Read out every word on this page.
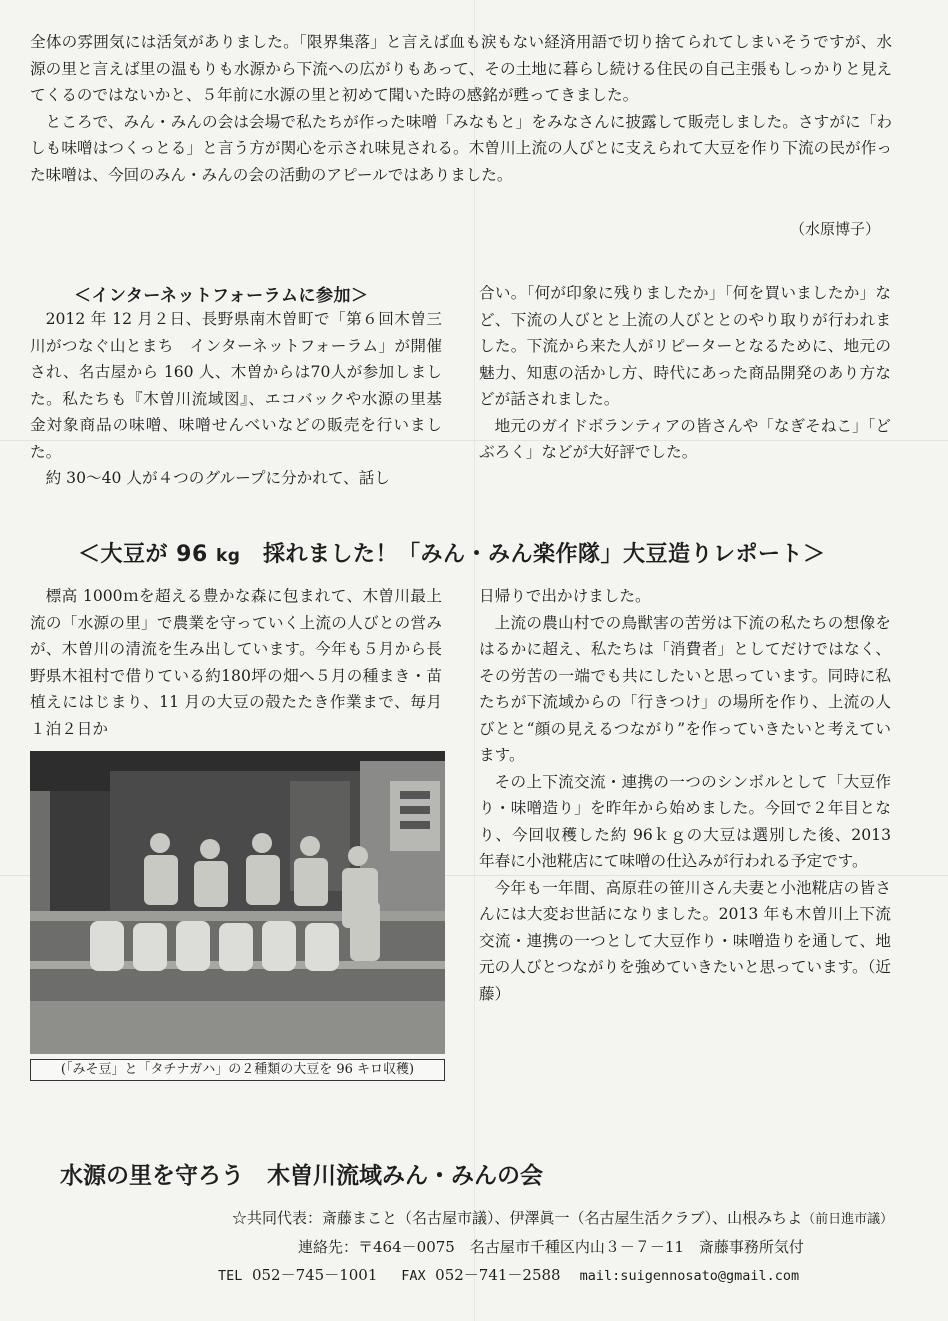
全体の雰囲気には活気がありました。「限界集落」と言えば血も涙もない経済用語で切り捨てられてしまいそうですが、水源の里と言えば里の温もりも水源から下流への広がりもあって、その土地に暮らし続ける住民の自己主張もしっかりと見えてくるのではないかと、５年前に水源の里と初めて聞いた時の感銘が甦ってきました。

ところで、みん・みんの会は会場で私たちが作った味噌「みなもと」をみなさんに披露して販売しました。さすがに「わしも味噌はつくっとる」と言う方が関心を示され味見される。木曽川上流の人びとに支えられて大豆を作り下流の民が作った味噌は、今回のみん・みんの会の活動のアピールではありました。

（水原博子）
＜インターネットフォーラムに参加＞

2012 年 12 月２日、長野県南木曽町で「第６回木曽三川がつなぐ山とまち　インターネットフォーラム」が開催され、名古屋から 160 人、木曽からは70人が参加しました。私たちも『木曽川流域図』、エコバックや水源の里基金対象商品の味噌、味噌せんべいなどの販売を行いました。

約 30～40 人が４つのグループに分かれて、話し

合い。「何が印象に残りましたか」「何を買いましたか」など、下流の人びとと上流の人びととのやり取りが行われました。下流から来た人がリピーターとなるために、地元の魅力、知恵の活かし方、時代にあった商品開発のあり方などが話されました。

地元のガイドボランティアの皆さんや「なぎそねこ」「どぶろく」などが大好評でした。

＜大豆が 96 kg　採れました！「みん・みん楽作隊」大豆造りレポート＞

標高 1000ｍを超える豊かな森に包まれて、木曽川最上流の「水源の里」で農業を守っていく上流の人びとの営みが、木曽川の清流を生み出しています。今年も５月から長野県木祖村で借りている約180坪の畑へ５月の種まき・苗植えにはじまり、11 月の大豆の殻たたき作業まで、毎月１泊２日か

(「みそ豆」と「タチナガハ」の２種類の大豆を 96 キロ収穫)

日帰りで出かけました。

上流の農山村での鳥獣害の苦労は下流の私たちの想像をはるかに超え、私たちは「消費者」としてだけではなく、その労苦の一端でも共にしたいと思っています。同時に私たちが下流域からの「行きつけ」の場所を作り、上流の人びとと“顔の見えるつながり”を作っていきたいと考えています。

その上下流交流・連携の一つのシンボルとして「大豆作り・味噌造り」を昨年から始めました。今回で２年目となり、今回収穫した約 96ｋｇの大豆は選別した後、2013 年春に小池糀店にて味噌の仕込みが行われる予定です。

今年も一年間、高原荘の笹川さん夫妻と小池糀店の皆さんには大変お世話になりました。2013 年も木曽川上下流交流・連携の一つとして大豆作り・味噌造りを通して、地元の人びとつながりを強めていきたいと思っています。（近藤）

水源の里を守ろう　木曽川流域みん・みんの会
☆共同代表：斎藤まこと（名古屋市議）、伊澤眞一（名古屋生活クラブ）、山根みちよ（前日進市議）
連絡先：〒464－0075　名古屋市千種区内山３－７－11　斎藤事務所気付
TEL 052－745－1001 FAX 052－741－2588 mail:suigennosato@gmail.com
